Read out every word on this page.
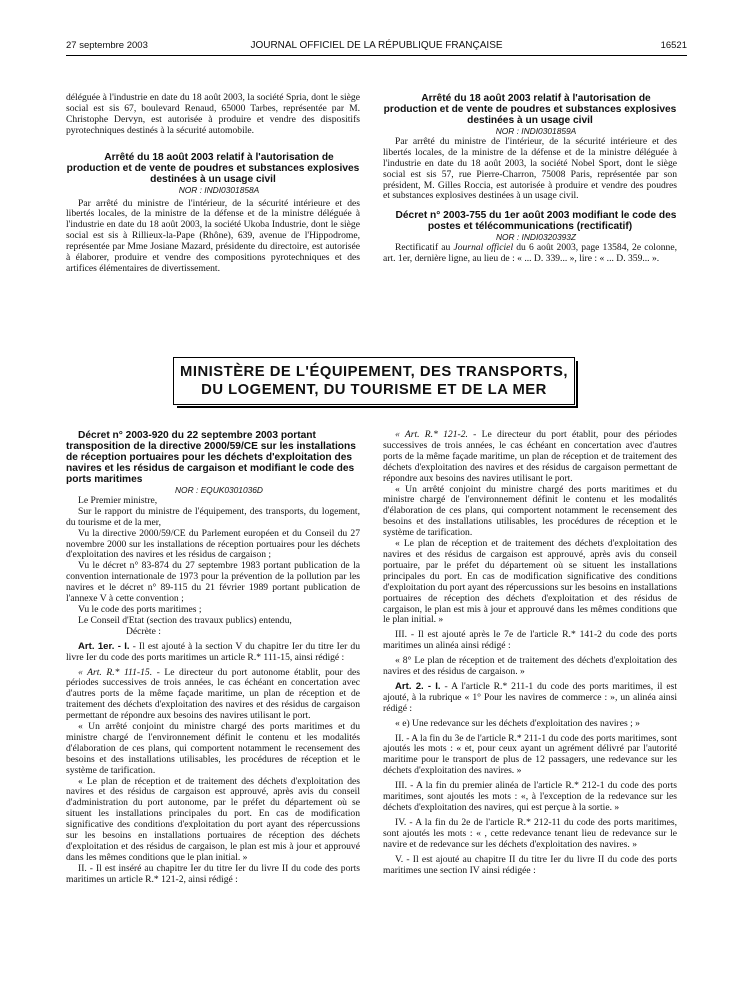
27 septembre 2003	JOURNAL OFFICIEL DE LA RÉPUBLIQUE FRANÇAISE	16521

déléguée à l'industrie en date du 18 août 2003, la société Spria, dont le siège social est sis 67, boulevard Renaud, 65000 Tarbes, représentée par M. Christophe Dervyn, est autorisée à produire et vendre des dispositifs pyrotechniques destinés à la sécurité automobile.

Arrêté du 18 août 2003 relatif à l'autorisation de production et de vente de poudres et substances explosives destinées à un usage civil

NOR : INDI0301858A

Par arrêté du ministre de l'intérieur, de la sécurité intérieure et des libertés locales, de la ministre de la défense et de la ministre déléguée à l'industrie en date du 18 août 2003, la société Ukoba Industrie, dont le siège social est sis à Rillieux-la-Pape (Rhône), 639, avenue de l'Hippodrome, représentée par Mme Josiane Mazard, présidente du directoire, est autorisée à élaborer, produire et vendre des compositions pyrotechniques et des artifices élémentaires de divertissement.

Arrêté du 18 août 2003 relatif à l'autorisation de production et de vente de poudres et substances explosives destinées à un usage civil

NOR : INDI0301859A

Par arrêté du ministre de l'intérieur, de la sécurité intérieure et des libertés locales, de la ministre de la défense et de la ministre déléguée à l'industrie en date du 18 août 2003, la société Nobel Sport, dont le siège social est sis 57, rue Pierre-Charron, 75008 Paris, représentée par son président, M. Gilles Roccia, est autorisée à produire et vendre des poudres et substances explosives destinées à un usage civil.

Décret n° 2003-755 du 1er août 2003 modifiant le code des postes et télécommunications (rectificatif)

NOR : INDI0320393Z

Rectificatif au Journal officiel du 6 août 2003, page 13584, 2e colonne, art. 1er, dernière ligne, au lieu de : « ... D. 339... », lire : « ... D. 359... ».

MINISTÈRE DE L'ÉQUIPEMENT, DES TRANSPORTS,
DU LOGEMENT, DU TOURISME ET DE LA MER

Décret n° 2003-920 du 22 septembre 2003 portant transposition de la directive 2000/59/CE sur les installations de réception portuaires pour les déchets d'exploitation des navires et les résidus de cargaison et modifiant le code des ports maritimes

NOR : EQUK0301036D

Le Premier ministre,

Sur le rapport du ministre de l'équipement, des transports, du logement, du tourisme et de la mer,

Vu la directive 2000/59/CE du Parlement européen et du Conseil du 27 novembre 2000 sur les installations de réception portuaires pour les déchets d'exploitation des navires et les résidus de cargaison ;

Vu le décret n° 83-874 du 27 septembre 1983 portant publication de la convention internationale de 1973 pour la prévention de la pollution par les navires et le décret n° 89-115 du 21 février 1989 portant publication de l'annexe V à cette convention ;

Vu le code des ports maritimes ;

Le Conseil d'Etat (section des travaux publics) entendu,

Décrète :

Art. 1er. - I. - Il est ajouté à la section V du chapitre Ier du titre Ier du livre Ier du code des ports maritimes un article R.* 111-15, ainsi rédigé :

« Art. R.* 111-15. - Le directeur du port autonome établit, pour des périodes successives de trois années, le cas échéant en concertation avec d'autres ports de la même façade maritime, un plan de réception et de traitement des déchets d'exploitation des navires et des résidus de cargaison permettant de répondre aux besoins des navires utilisant le port.

« Un arrêté conjoint du ministre chargé des ports maritimes et du ministre chargé de l'environnement définit le contenu et les modalités d'élaboration de ces plans, qui comportent notamment le recensement des besoins et des installations utilisables, les procédures de réception et le système de tarification.

« Le plan de réception et de traitement des déchets d'exploitation des navires et des résidus de cargaison est approuvé, après avis du conseil d'administration du port autonome, par le préfet du département où se situent les installations principales du port. En cas de modification significative des conditions d'exploitation du port ayant des répercussions sur les besoins en installations portuaires de réception des déchets d'exploitation et des résidus de cargaison, le plan est mis à jour et approuvé dans les mêmes conditions que le plan initial. »

II. - Il est inséré au chapitre Ier du titre Ier du livre II du code des ports maritimes un article R.* 121-2, ainsi rédigé :

« Art. R.* 121-2. - Le directeur du port établit, pour des périodes successives de trois années, le cas échéant en concertation avec d'autres ports de la même façade maritime, un plan de réception et de traitement des déchets d'exploitation des navires et des résidus de cargaison permettant de répondre aux besoins des navires utilisant le port.

« Un arrêté conjoint du ministre chargé des ports maritimes et du ministre chargé de l'environnement définit le contenu et les modalités d'élaboration de ces plans, qui comportent notamment le recensement des besoins et des installations utilisables, les procédures de réception et le système de tarification.

« Le plan de réception et de traitement des déchets d'exploitation des navires et des résidus de cargaison est approuvé, après avis du conseil portuaire, par le préfet du département où se situent les installations principales du port. En cas de modification significative des conditions d'exploitation du port ayant des répercussions sur les besoins en installations portuaires de réception des déchets d'exploitation et des résidus de cargaison, le plan est mis à jour et approuvé dans les mêmes conditions que le plan initial. »

III. - Il est ajouté après le 7e de l'article R.* 141-2 du code des ports maritimes un alinéa ainsi rédigé :

« 8° Le plan de réception et de traitement des déchets d'exploitation des navires et des résidus de cargaison. »

Art. 2. - I. - A l'article R.* 211-1 du code des ports maritimes, il est ajouté, à la rubrique « 1° Pour les navires de commerce : », un alinéa ainsi rédigé :

« e) Une redevance sur les déchets d'exploitation des navires ; »

II. - A la fin du 3e de l'article R.* 211-1 du code des ports maritimes, sont ajoutés les mots : « et, pour ceux ayant un agrément délivré par l'autorité maritime pour le transport de plus de 12 passagers, une redevance sur les déchets d'exploitation des navires. »

III. - A la fin du premier alinéa de l'article R.* 212-1 du code des ports maritimes, sont ajoutés les mots : «, à l'exception de la redevance sur les déchets d'exploitation des navires, qui est perçue à la sortie. »

IV. - A la fin du 2e de l'article R.* 212-11 du code des ports maritimes, sont ajoutés les mots : « , cette redevance tenant lieu de redevance sur le navire et de redevance sur les déchets d'exploitation des navires. »

V. - Il est ajouté au chapitre II du titre Ier du livre II du code des ports maritimes une section IV ainsi rédigée :
